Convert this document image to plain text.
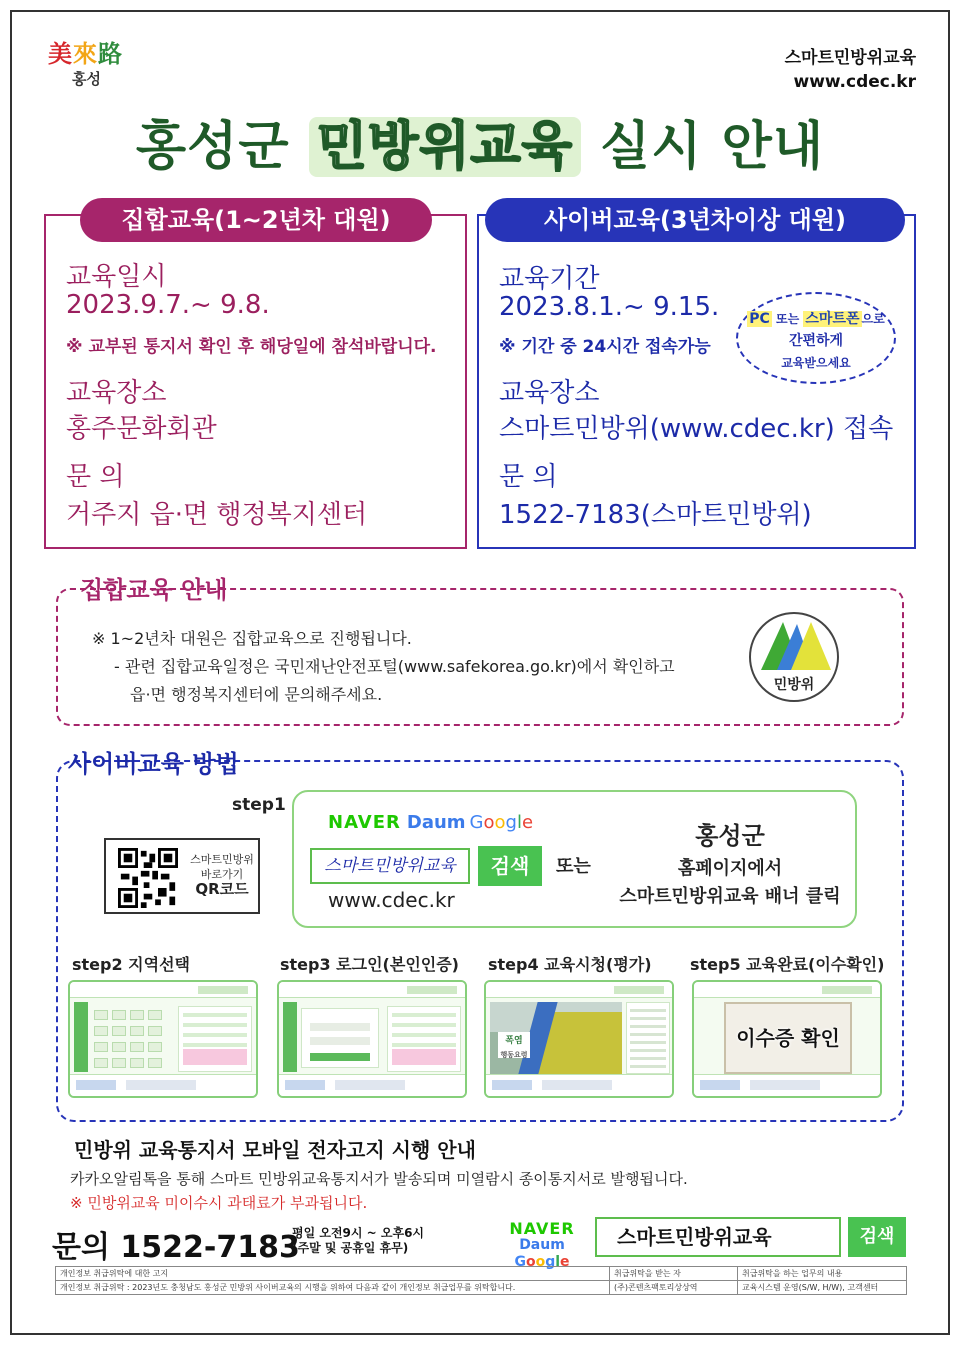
美來路
홍성
스마트민방위교육
www.cdec.kr
홍성군 민방위교육 실시 안내
집합교육(1~2년차 대원)
교육일시
2023.9.7.~ 9.8.
※ 교부된 통지서 확인 후 해당일에 참석바랍니다.
교육장소
홍주문화회관
문 의
거주지 읍·면 행정복지센터
사이버교육(3년차이상 대원)
교육기간
2023.8.1.~ 9.15.
※ 기간 중 24시간 접속가능
PC 또는 스마트폰 으로
간편하게
교육받으세요
교육장소
스마트민방위(www.cdec.kr) 접속
문 의
1522-7183(스마트민방위)
집합교육 안내
※ 1~2년차 대원은 집합교육으로 진행됩니다.
- 관련 집합교육일정은 국민재난안전포털(www.safekorea.go.kr)에서 확인하고
읍·면 행정복지센터에 문의해주세요.	민방위
사이버교육 방법
step1
스마트민방위
바로가기
QR코드
NAVER Daum Google
스마트민방위교육	검색
www.cdec.kr
또는
홍성군
홈페이지에서
스마트민방위교육 배너 클릭
step2 지역선택	step3 로그인(본인인증) step4 교육시청(평가) step5 교육완료(이수확인)
폭염
행동요령
이수증 확인
민방위 교육통지서 모바일 전자고지 시행 안내
카카오알림톡을 통해 스마트 민방위교육통지서가 발송되며 미열람시 종이통지서로 발행됩니다.
※ 민방위교육 미이수시 과태료가 부과됩니다.
문의 1522-7183
평일 오전9시 ~ 오후6시
(주말 및 공휴일 휴무)
NAVER
Daum Google
스마트민방위교육	검색
개인정보 취급위탁에 대한 고지	취급위탁을 받는 자	취급위탁을 하는 업무의 내용
개인정보 취급위탁 : 2023년도 충청남도 홍성군 민방위 사이버교육의 시행을 위하여 다음과 같이 개인정보 취급업무를 위탁합니다.	(주)콘텐츠팩토리상상역	교육시스템 운영(S/W, H/W), 고객센터
